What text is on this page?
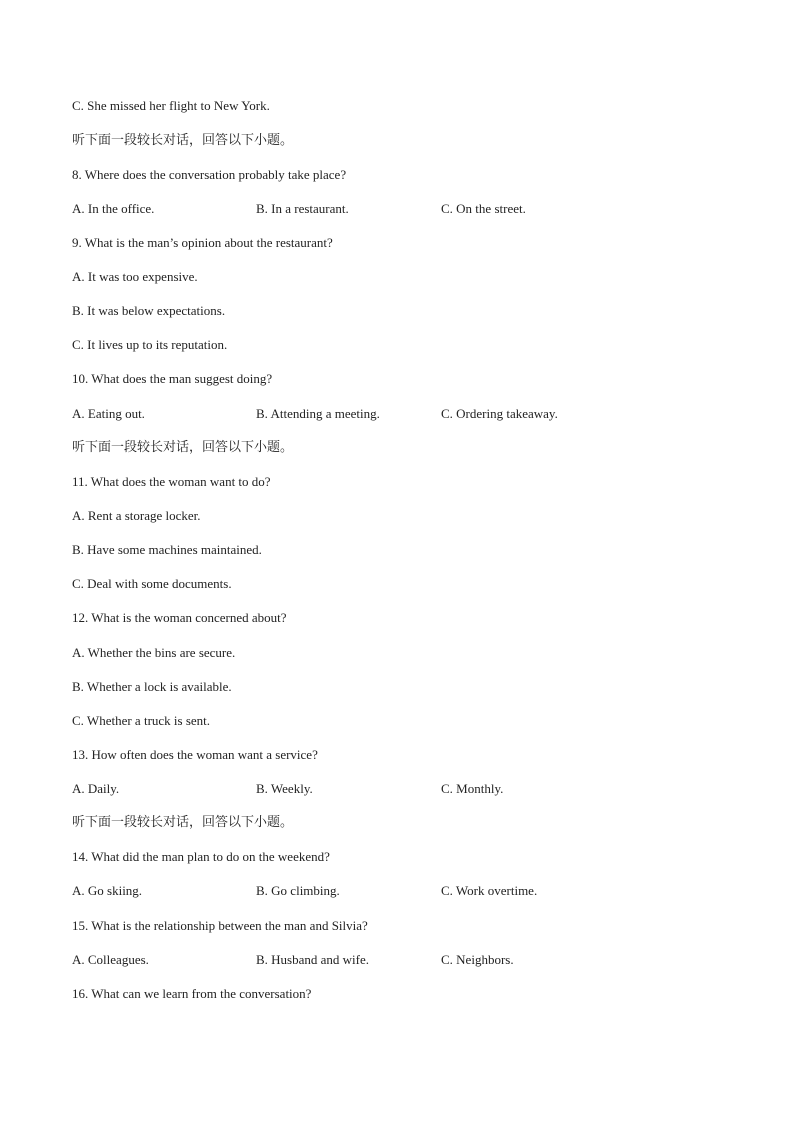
C. She missed her flight to New York.
听下面一段较长对话，回答以下小题。
8. Where does the conversation probably take place?
A. In the office.	B. In a restaurant.	C. On the street.
9. What is the man’s opinion about the restaurant?
A. It was too expensive.
B. It was below expectations.
C. It lives up to its reputation.
10. What does the man suggest doing?
A. Eating out.	B. Attending a meeting.	C. Ordering takeaway.
听下面一段较长对话，回答以下小题。
11. What does the woman want to do?
A. Rent a storage locker.
B. Have some machines maintained.
C. Deal with some documents.
12. What is the woman concerned about?
A. Whether the bins are secure.
B. Whether a lock is available.
C. Whether a truck is sent.
13. How often does the woman want a service?
A. Daily.	B. Weekly.	C. Monthly.
听下面一段较长对话，回答以下小题。
14. What did the man plan to do on the weekend?
A. Go skiing.	B. Go climbing.	C. Work overtime.
15. What is the relationship between the man and Silvia?
A. Colleagues.	B. Husband and wife.	C. Neighbors.
16. What can we learn from the conversation?
